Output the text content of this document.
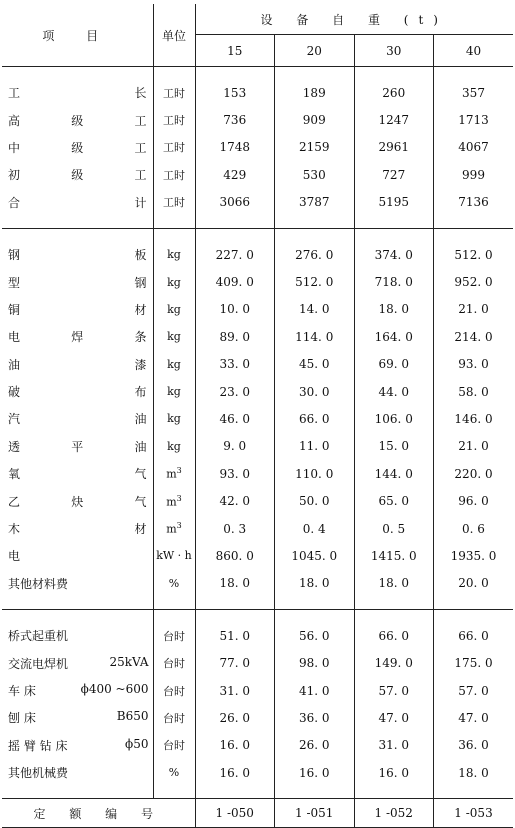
项 目	单位	设 备 自 重 (t)			
		15	20	30	40

工 长	工时	153	189	260	357

高 级 工	工时	736	909	1247	1713

中 级 工	工时	1748	2159	2961	4067

初 级 工	工时	429	530	727	999

合 计	工时	3066	3787	5195	7136

钢 板	kg	227. 0	276. 0	374. 0	512. 0

型 钢	kg	409. 0	512. 0	718. 0	952. 0

铜 材	kg	10. 0	14. 0	18. 0	21. 0

电 焊 条	kg	89. 0	114. 0	164. 0	214. 0

油 漆	kg	33. 0	45. 0	69. 0	93. 0

破 布	kg	23. 0	30. 0	44. 0	58. 0

汽 油	kg	46. 0	66. 0	106. 0	146. 0

透 平 油	kg	9. 0	11. 0	15. 0	21. 0

氧 气	$m^3$	93. 0	110. 0	144. 0	220. 0

乙 炔 气	$m^3$	42. 0	50. 0	65. 0	96. 0

木 材	$m^3$	0. 3	0. 4	0. 5	0. 6
电	kW · h	860. 0	1045. 0	1415. 0	1935. 0
其他材料费	%	18. 0	18. 0	18. 0	20. 0

桥式起重机	台时	51. 0	56. 0	66. 0	66. 0

交流电焊机 25kVA	台时	77. 0	98. 0	149. 0	175. 0

车 床 ϕ400 ~600	台时	31. 0	41. 0	57. 0	57. 0

刨 床 B650	台时	26. 0	36. 0	47. 0	47. 0

摇 臂 钻 床 ϕ50	台时	16. 0	26. 0	31. 0	36. 0

其他机械费	%	16. 0	16. 0	16. 0	18. 0

定 额 编 号		1 -050	1 -051	1 -052	1 -053
